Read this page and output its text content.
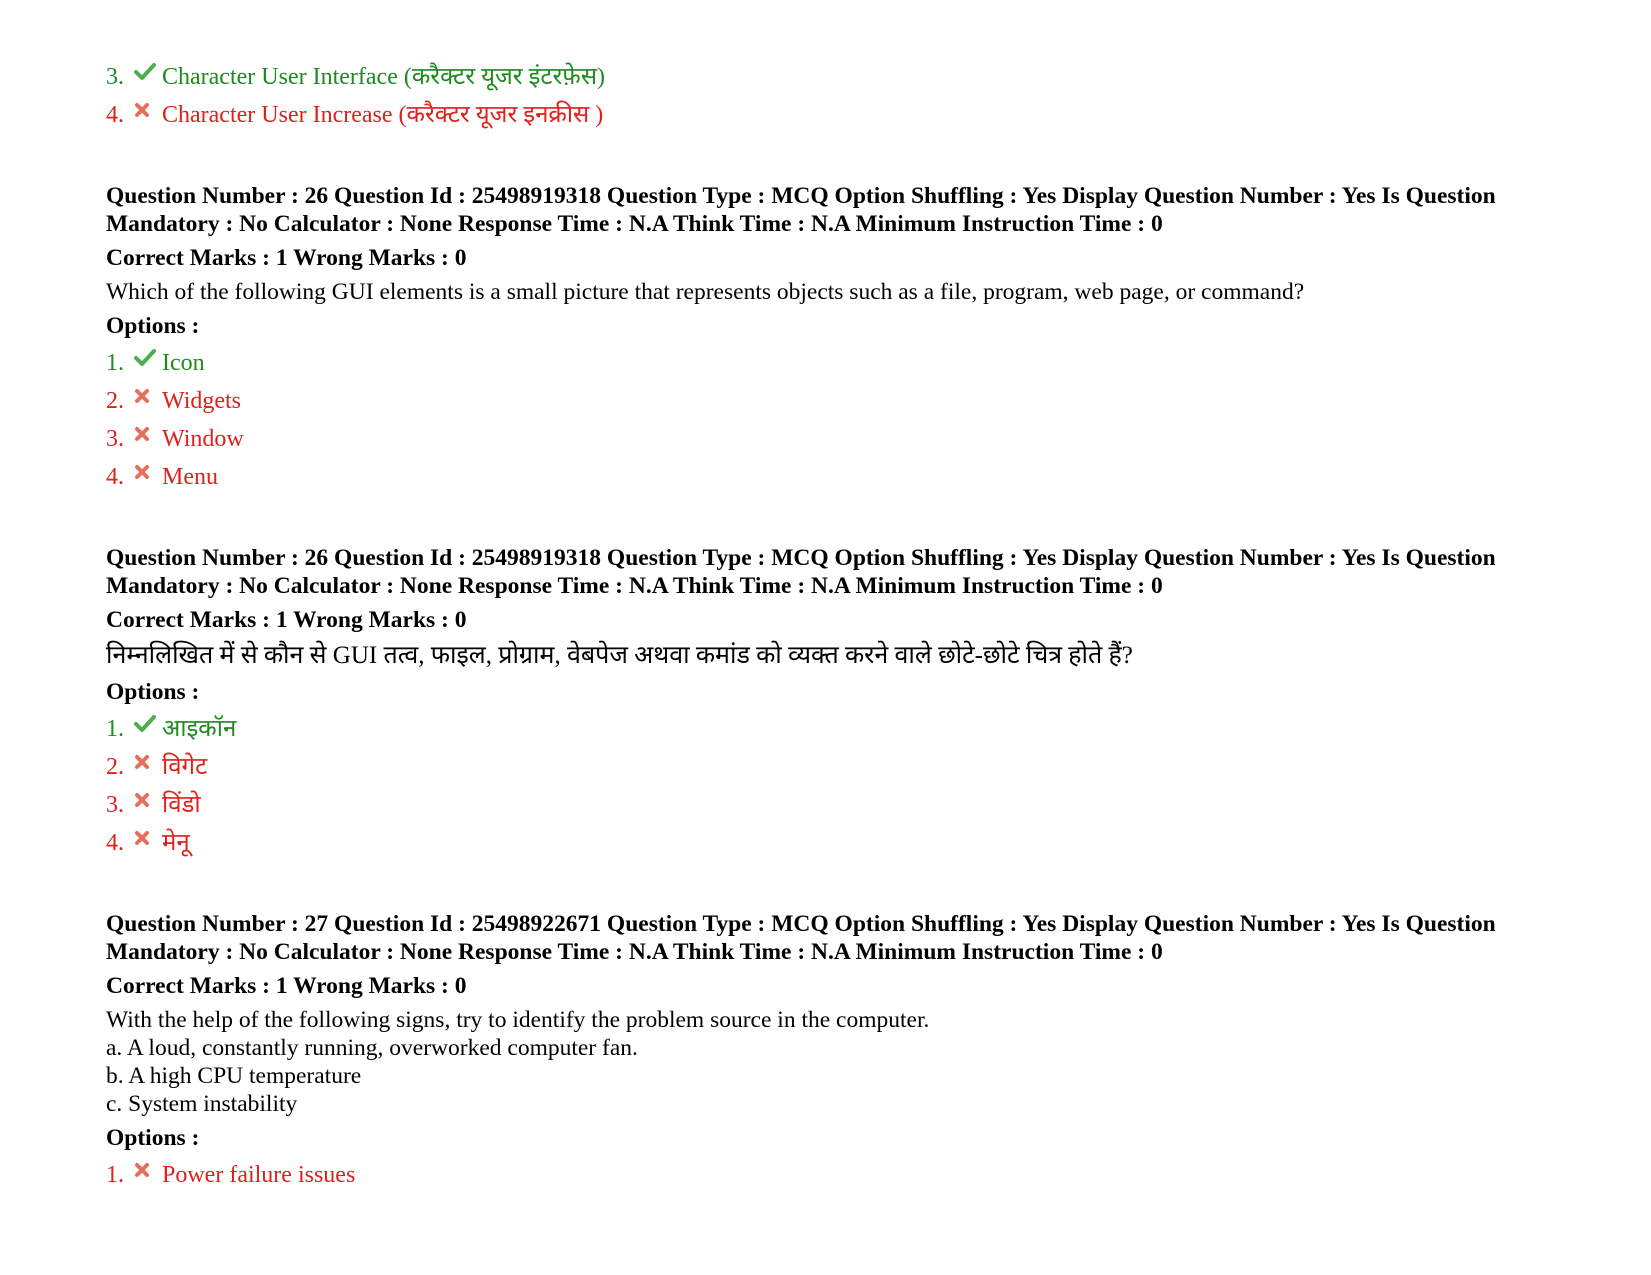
3.	Character User Interface (करैक्टर यूजर इंटरफ़ेस)
4.	Character User Increase (करैक्टर यूजर इनक्रीस )
Question Number : 26 Question Id : 25498919318 Question Type : MCQ Option Shuffling : Yes Display Question Number : Yes Is Question Mandatory : No Calculator : None Response Time : N.A Think Time : N.A Minimum Instruction Time : 0
Correct Marks : 1 Wrong Marks : 0
Which of the following GUI elements is a small picture that represents objects such as a file, program, web page, or command?
Options :
1.	Icon
2.	Widgets
3.	Window
4.	Menu
Question Number : 26 Question Id : 25498919318 Question Type : MCQ Option Shuffling : Yes Display Question Number : Yes Is Question Mandatory : No Calculator : None Response Time : N.A Think Time : N.A Minimum Instruction Time : 0
Correct Marks : 1 Wrong Marks : 0
निम्नलिखित में से कौन से GUI तत्व, फाइल, प्रोग्राम, वेबपेज अथवा कमांड को व्यक्त करने वाले छोटे-छोटे चित्र होते हैं?
Options :
1.	आइकॉन
2.	विगेट
3.	विंडो
4.	मेनू
Question Number : 27 Question Id : 25498922671 Question Type : MCQ Option Shuffling : Yes Display Question Number : Yes Is Question Mandatory : No Calculator : None Response Time : N.A Think Time : N.A Minimum Instruction Time : 0
Correct Marks : 1 Wrong Marks : 0
With the help of the following signs, try to identify the problem source in the computer.
a. A loud, constantly running, overworked computer fan.
b. A high CPU temperature
c. System instability
Options :
1.	Power failure issues
